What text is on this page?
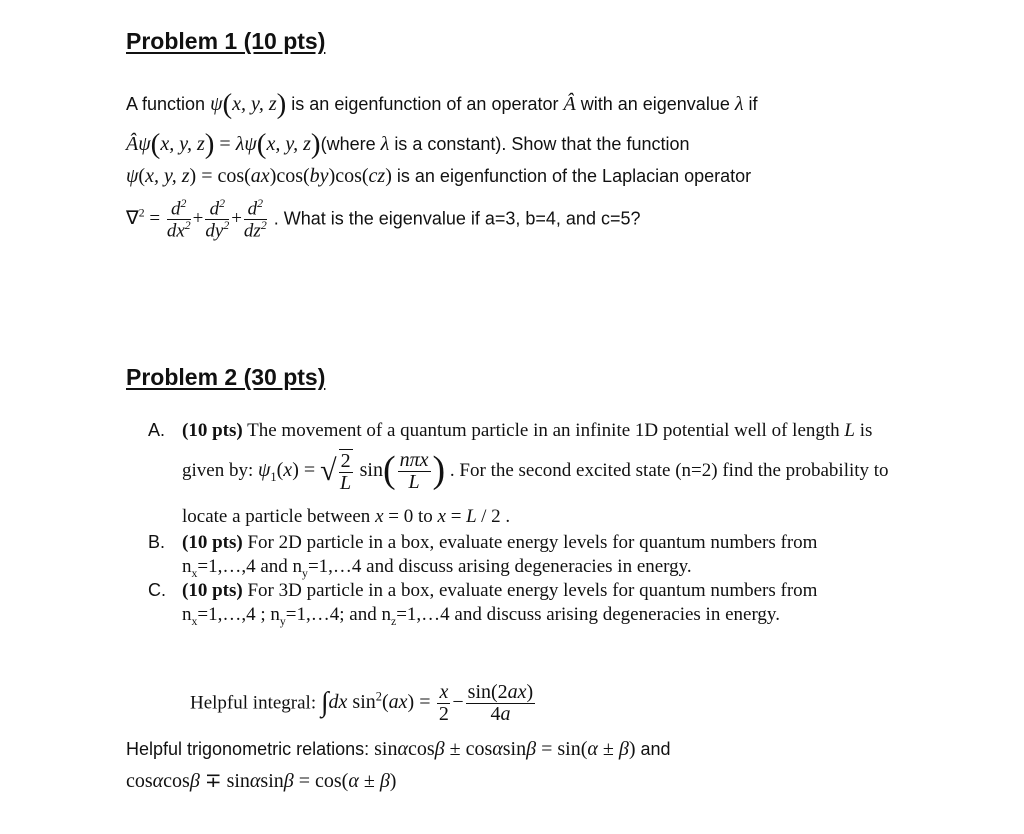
Problem 1 (10 pts)
A function ψ(x, y, z) is an eigenfunction of an operator Â with an eigenvalue λ if
Âψ(x, y, z) = λψ(x, y, z)(where λ is a constant). Show that the function
ψ(x, y, z) = cos(ax)cos(by)cos(cz) is an eigenfunction of the Laplacian operator
$\nabla^2 = \frac{d^2}{dx^2} + \frac{d^2}{dy^2} + \frac{d^2}{dz^2}$ . What is the eigenvalue if a=3, b=4, and c=5?
Problem 2 (30 pts)
A. (10 pts) The movement of a quantum particle in an infinite 1D potential well of length L is
given by: $\psi_1(x)$ = √ $\frac{2}{L} \sin( \frac{\text{nπx}}{L}$ ) . For the second excited state (n=2) find the probability to
locate a particle between x = 0 to x = L / 2 .
B. (10 pts) For 2D particle in a box, evaluate energy levels for quantum numbers from
$n_x=1,\dots,4$ and $n_y=1,\dots 4$ and discuss arising degeneracies in energy.
C. (10 pts) For 3D particle in a box, evaluate energy levels for quantum numbers from
$n_x=1,\dots,4$ ; $n_y=1,\dots 4$; and $n_z=1,\dots 4$ and discuss arising degeneracies in energy.
Helpful integral: ∫dx $\sin^2(ax) = \frac{x}{2} - \frac{\sin(2ax)}{4a}$
Helpful trigonometric relations: sinαcosβ ± cosαsinβ = sin(α ± β) and
cosαcosβ ∓ sinαsinβ = cos(α ± β)
